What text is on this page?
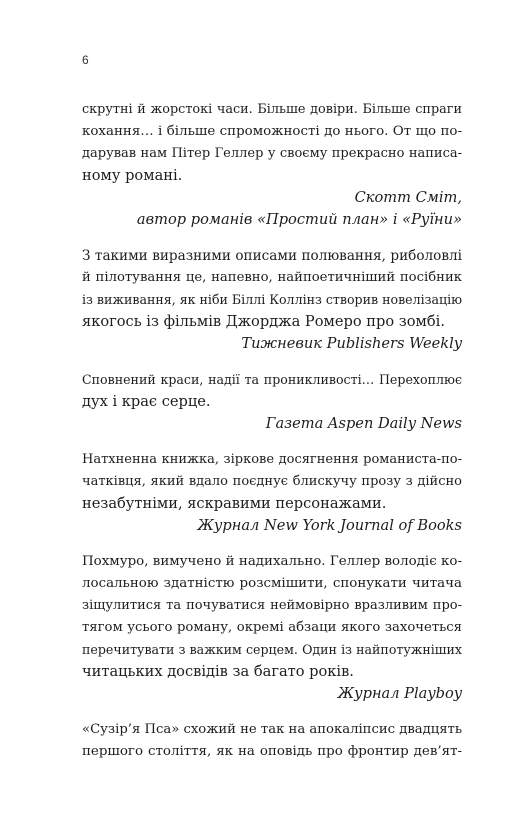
6
скрутні й жорстокі часи. Більше довіри. Більше спраги
кохання… і більше спроможності до нього. От що по-
дарував нам Пітер Геллер у своєму прекрасно написа-
ному романі.
Скотт Сміт,
автор романів «Простий план» і «Руїни»
З такими виразними описами полювання, риболовлі
й пілотування це, напевно, найпоетичніший посібник
із виживання, як ніби Біллі Коллінз створив новелізацію
якогось із фільмів Джорджа Ромеро про зомбі.
Тижневик Publishers Weekly
Сповнений краси, надії та проникливості… Перехоплює
дух і крає серце.
Газета Aspen Daily News
Натхненна книжка, зіркове досягнення романиста-по-
чатківця, який вдало поєднує блискучу прозу з дійсно
незабутніми, яскравими персонажами.
Журнал New York Journal of Books
Похмуро, вимучено й надихально. Геллер володіє ко-
лосальною здатністю розсмішити, спонукати читача
зіщулитися та почуватися неймовірно вразливим про-
тягом усього роману, окремі абзаци якого захочеться
перечитувати з важким серцем. Один із найпотужніших
читацьких досвідів за багато років.
Журнал Playboy
«Сузір’я Пса» схожий не так на апокаліпсис двадцять
першого століття, як на оповідь про фронтир дев’ят-
